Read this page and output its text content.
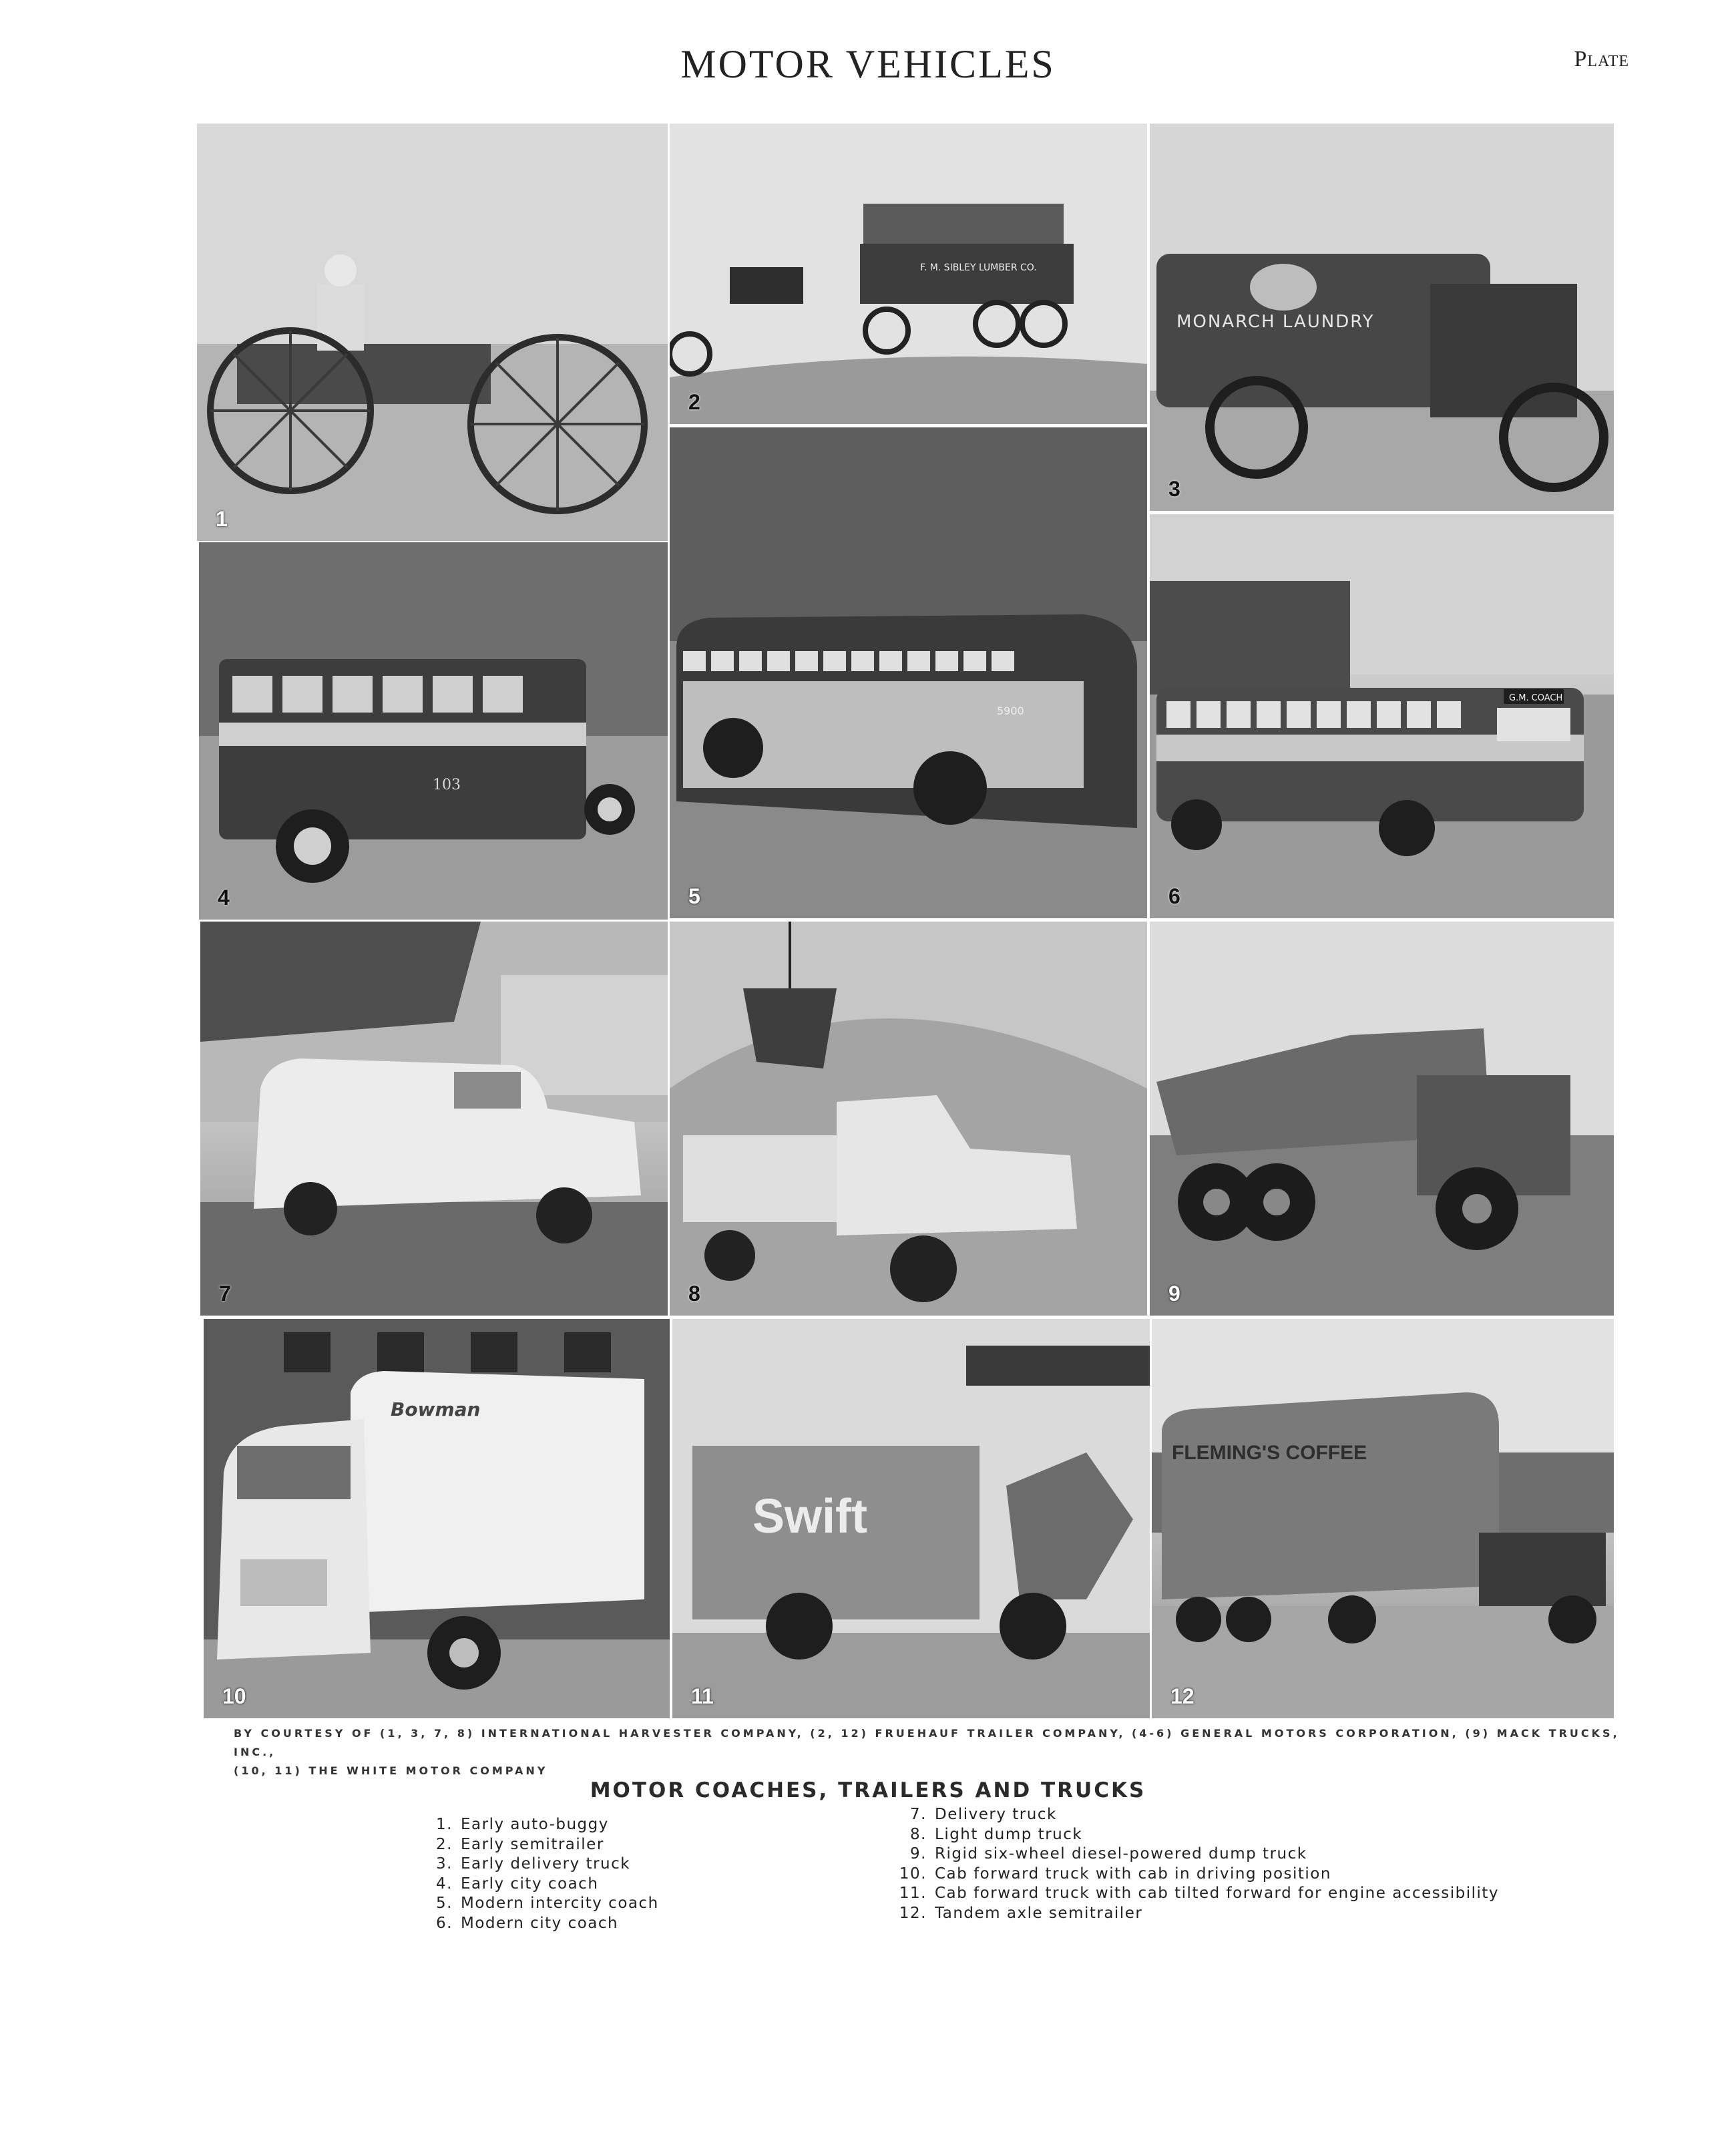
MOTOR VEHICLES	Plate
1
F. M. SIBLEY LUMBER CO.
2
MONARCH LAUNDRY
3
103
4
5900
5
G.M. COACH
6
7	8	9
Bowman
10
Swift
11
FLEMING'S COFFEE
12
BY COURTESY OF (1, 3, 7, 8) INTERNATIONAL HARVESTER COMPANY, (2, 12) FRUEHAUF TRAILER COMPANY, (4-6) GENERAL MOTORS CORPORATION, (9) MACK TRUCKS, INC.,
(10, 11) THE WHITE MOTOR COMPANY
MOTOR COACHES, TRAILERS AND TRUCKS
1. Early auto-buggy
2. Early semitrailer
3. Early delivery truck
4. Early city coach
5. Modern intercity coach
6. Modern city coach
7. Delivery truck
8. Light dump truck
9. Rigid six-wheel diesel-powered dump truck
10. Cab forward truck with cab in driving position
11. Cab forward truck with cab tilted forward for engine accessibility
12. Tandem axle semitrailer
